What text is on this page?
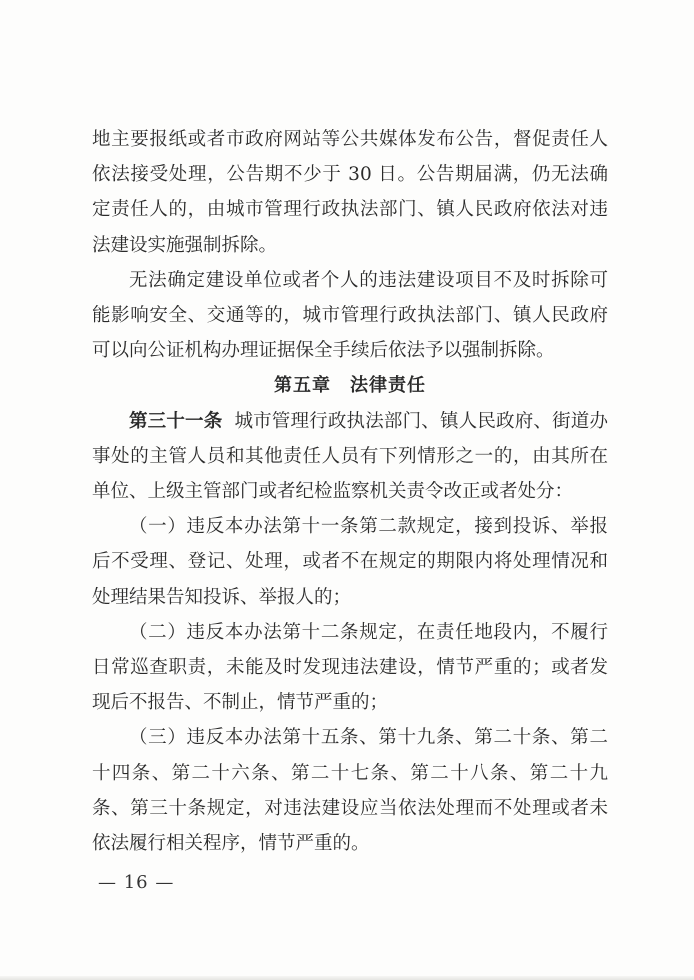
地主要报纸或者市政府网站等公共媒体发布公告，督促责任人依法接受处理，公告期不少于 30 日。公告期届满，仍无法确定责任人的，由城市管理行政执法部门、镇人民政府依法对违法建设实施强制拆除。

无法确定建设单位或者个人的违法建设项目不及时拆除可能影响安全、交通等的，城市管理行政执法部门、镇人民政府可以向公证机构办理证据保全手续后依法予以强制拆除。

第五章　法律责任

第三十一条 城市管理行政执法部门、镇人民政府、街道办事处的主管人员和其他责任人员有下列情形之一的，由其所在单位、上级主管部门或者纪检监察机关责令改正或者处分：

（一）违反本办法第十一条第二款规定，接到投诉、举报后不受理、登记、处理，或者不在规定的期限内将处理情况和处理结果告知投诉、举报人的；

（二）违反本办法第十二条规定，在责任地段内，不履行日常巡查职责，未能及时发现违法建设，情节严重的；或者发现后不报告、不制止，情节严重的；

（三）违反本办法第十五条、第十九条、第二十条、第二十四条、第二十六条、第二十七条、第二十八条、第二十九条、第三十条规定，对违法建设应当依法处理而不处理或者未依法履行相关程序，情节严重的。

— 16 —
